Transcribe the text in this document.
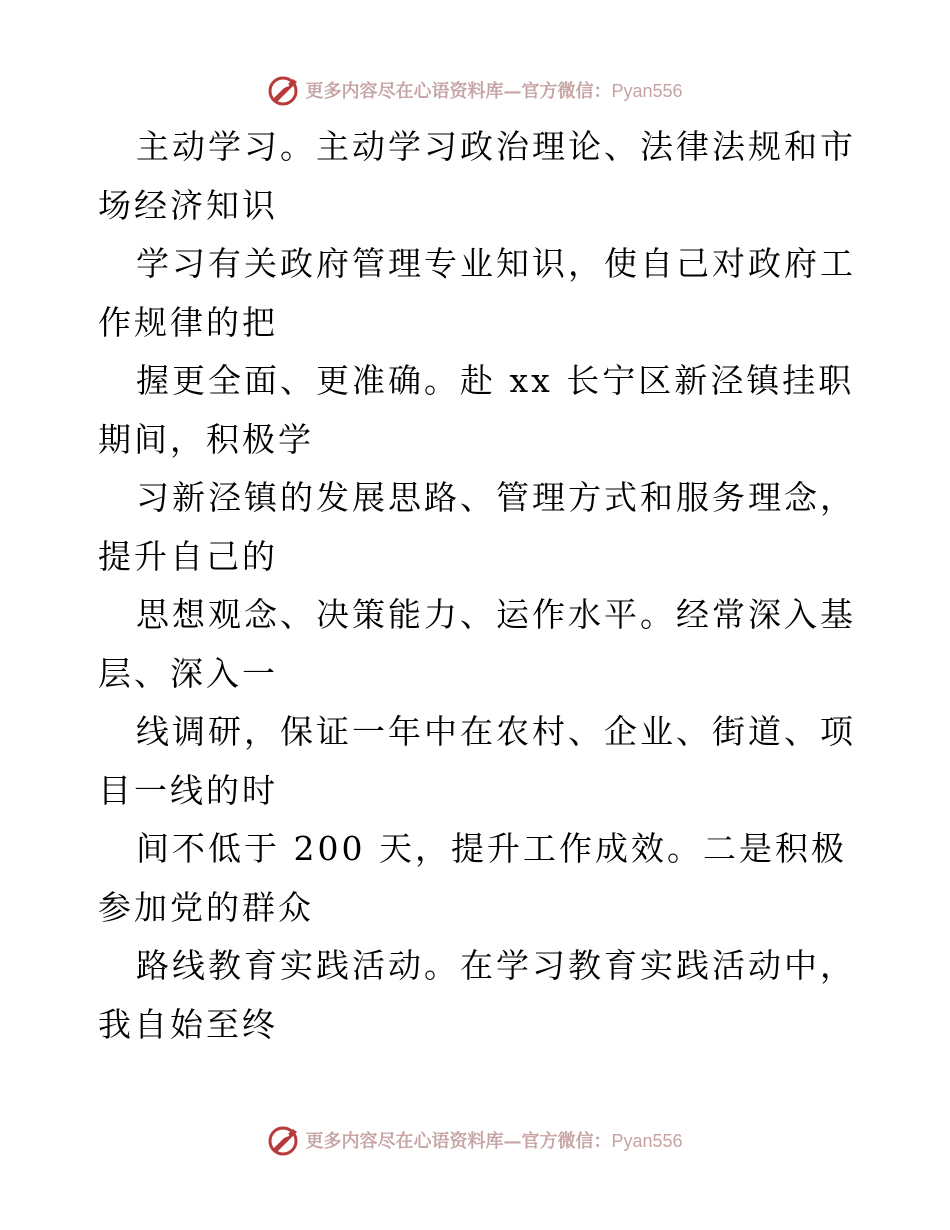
更多内容尽在心语资料库—官方微信：Pyan556

主动学习。主动学习政治理论、法律法规和市场经济知识

学习有关政府管理专业知识，使自己对政府工作规律的把

握更全面、更准确。赴 xx 长宁区新泾镇挂职期间，积极学

习新泾镇的发展思路、管理方式和服务理念，提升自己的

思想观念、决策能力、运作水平。经常深入基层、深入一

线调研，保证一年中在农村、企业、街道、项目一线的时

间不低于 200 天，提升工作成效。二是积极参加党的群众

路线教育实践活动。在学习教育实践活动中，我自始至终

更多内容尽在心语资料库—官方微信：Pyan556
